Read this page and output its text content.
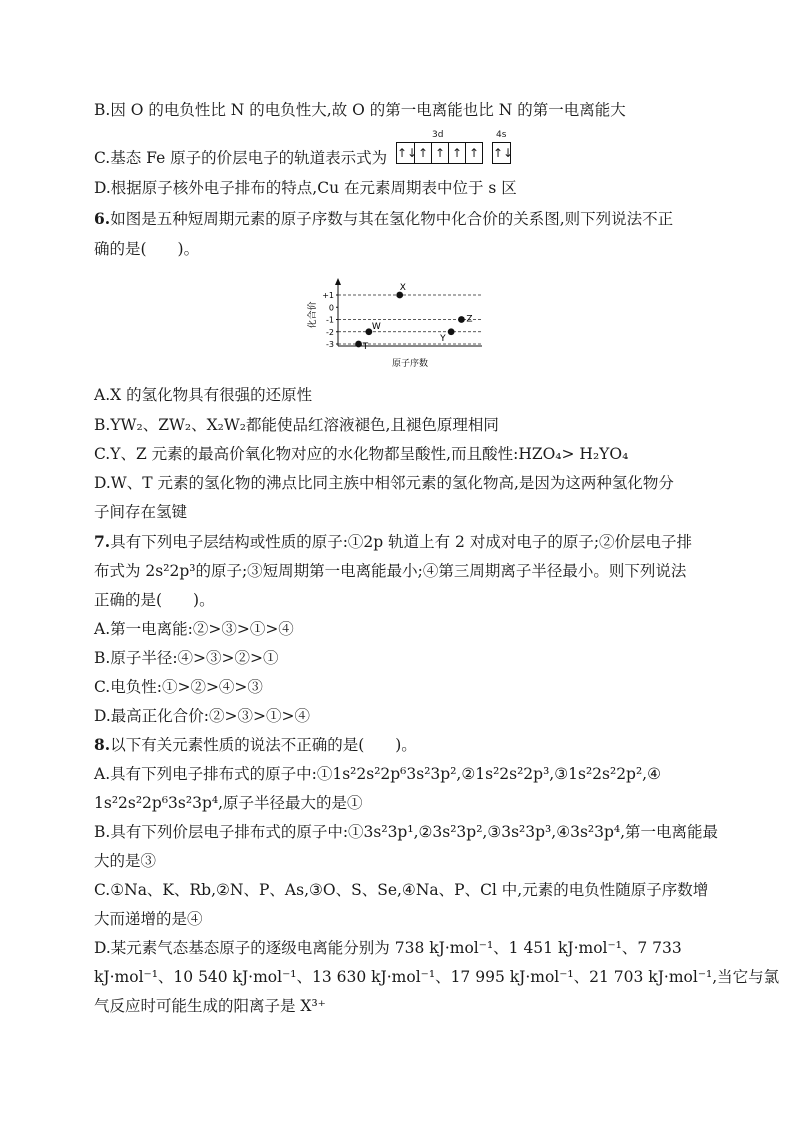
B.因 O 的电负性比 N 的电负性大,故 O 的第一电离能也比 N 的第一电离能大
C.基态 Fe 原子的价层电子的轨道表示式为
3d	4s
↑↓ ↑ ↑ ↑ ↑ ↑↓
D.根据原子核外电子排布的特点,Cu 在元素周期表中位于 s 区
6.如图是五种短周期元素的原子序数与其在氢化物中化合价的关系图,则下列说法不正
确的是(　　)。
+1
0
-1
-2
-3
化合价
原子序数
T
W
X
Y
Z
A.X 的氢化物具有很强的还原性
B.YW₂、ZW₂、X₂W₂都能使品红溶液褪色,且褪色原理相同
C.Y、Z 元素的最高价氧化物对应的水化物都呈酸性,而且酸性:HZO₄> H₂YO₄
D.W、T 元素的氢化物的沸点比同主族中相邻元素的氢化物高,是因为这两种氢化物分
子间存在氢键
7.具有下列电子层结构或性质的原子:①2p 轨道上有 2 对成对电子的原子;②价层电子排
布式为 2s²2p³的原子;③短周期第一电离能最小;④第三周期离子半径最小。则下列说法
正确的是(　　)。
A.第一电离能:②>③>①>④
B.原子半径:④>③>②>①
C.电负性:①>②>④>③
D.最高正化合价:②>③>①>④
8.以下有关元素性质的说法不正确的是(　　)。
A.具有下列电子排布式的原子中:①1s²2s²2p⁶3s²3p²,②1s²2s²2p³,③1s²2s²2p²,④
1s²2s²2p⁶3s²3p⁴,原子半径最大的是①
B.具有下列价层电子排布式的原子中:①3s²3p¹,②3s²3p²,③3s²3p³,④3s²3p⁴,第一电离能最
大的是③
C.①Na、K、Rb,②N、P、As,③O、S、Se,④Na、P、Cl 中,元素的电负性随原子序数增
大而递增的是④
D.某元素气态基态原子的逐级电离能分别为 738 kJ·mol⁻¹、1 451 kJ·mol⁻¹、7 733
kJ·mol⁻¹、10 540 kJ·mol⁻¹、13 630 kJ·mol⁻¹、17 995 kJ·mol⁻¹、21 703 kJ·mol⁻¹,当它与氯
气反应时可能生成的阳离子是 X³⁺
